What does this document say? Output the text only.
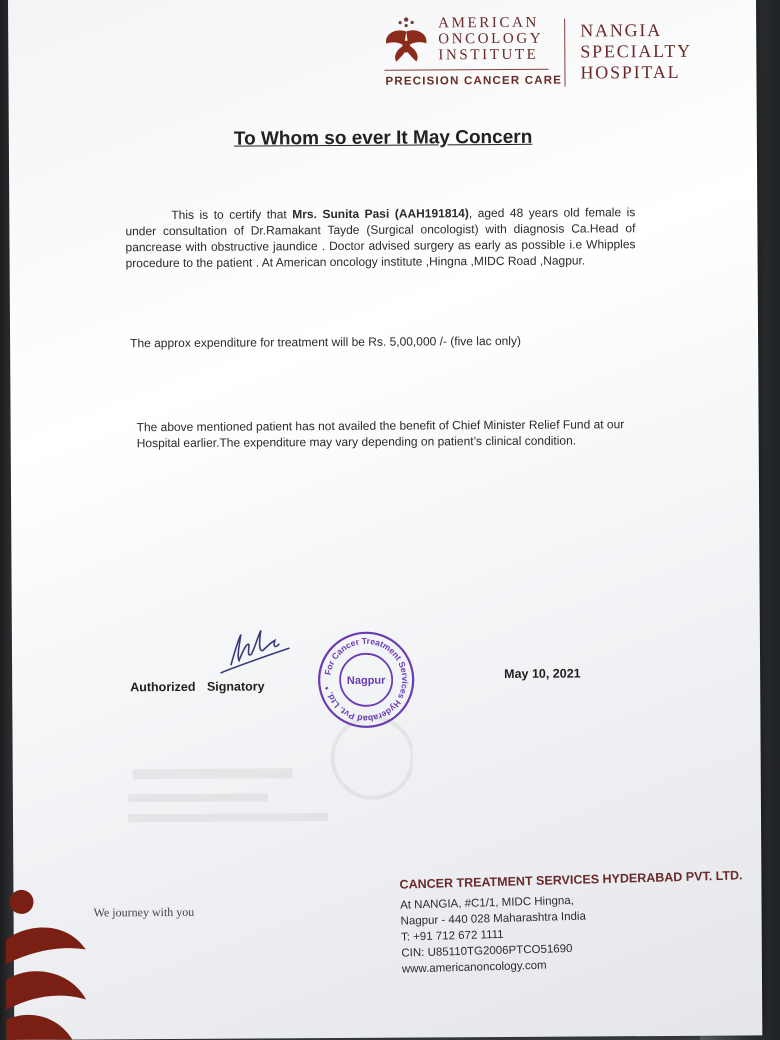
AMERICAN
ONCOLOGY
INSTITUTE
PRECISION CANCER CARE
NANGIA
SPECIALTY
HOSPITAL
To Whom so ever It May Concern
This is to certify that Mrs. Sunita Pasi (AAH191814), aged 48 years old female is under consultation of Dr.Ramakant Tayde (Surgical oncologist) with diagnosis Ca.Head of pancrease with obstructive jaundice . Doctor advised surgery as early as possible i.e Whipples procedure to the patient . At American oncology institute ,Hingna ,MIDC Road ,Nagpur.
The approx expenditure for treatment will be Rs. 5,00,000 /- (five lac only)
The above mentioned patient has not availed the benefit of Chief Minister Relief Fund at our Hospital earlier.The expenditure may vary depending on patient’s clinical condition.
Authorized Signatory
For Cancer Treatment Services Hyderabad Pvt. Ltd. *
Nagpur	May 10, 2021
We journey with you
CANCER TREATMENT SERVICES HYDERABAD PVT. LTD.
At NANGIA, #C1/1, MIDC Hingna,
Nagpur - 440 028 Maharashtra India
T: +91 712 672 1111
CIN: U85110TG2006PTCO51690
www.americanoncology.com
